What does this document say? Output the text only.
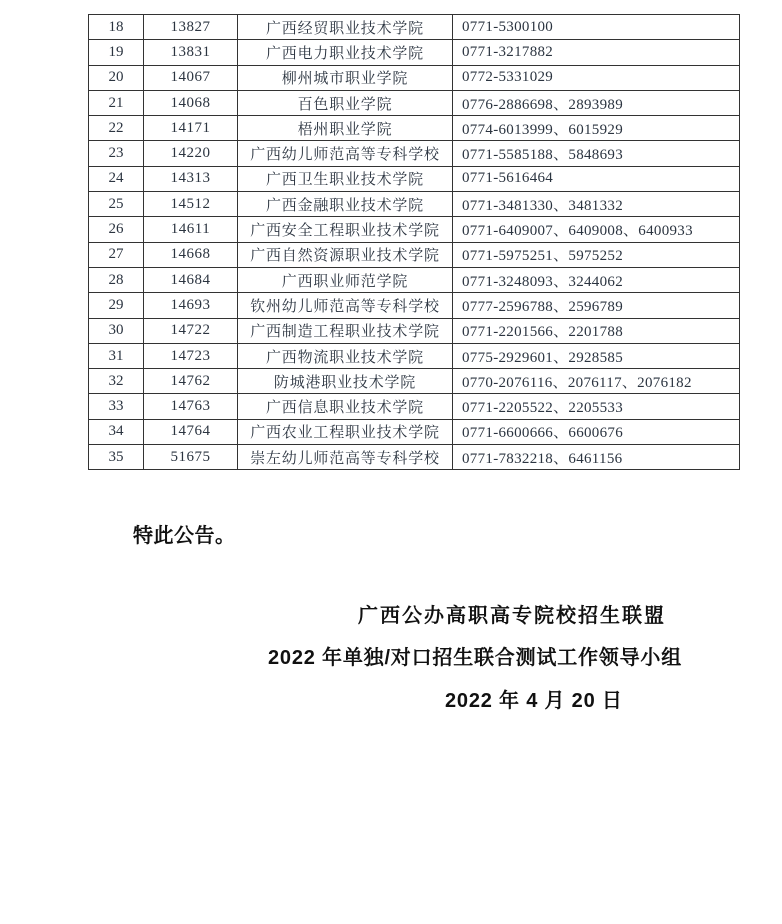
18	13827	广西经贸职业技术学院	0771-5300100
19	13831	广西电力职业技术学院	0771-3217882
20	14067	柳州城市职业学院	0772-5331029
21	14068	百色职业学院	0776-2886698、2893989
22	14171	梧州职业学院	0774-6013999、6015929
23	14220	广西幼儿师范高等专科学校	0771-5585188、5848693
24	14313	广西卫生职业技术学院	0771-5616464
25	14512	广西金融职业技术学院	0771-3481330、3481332
26	14611	广西安全工程职业技术学院	0771-6409007、6409008、6400933
27	14668	广西自然资源职业技术学院	0771-5975251、5975252
28	14684	广西职业师范学院	0771-3248093、3244062
29	14693	钦州幼儿师范高等专科学校	0777-2596788、2596789
30	14722	广西制造工程职业技术学院	0771-2201566、2201788
31	14723	广西物流职业技术学院	0775-2929601、2928585
32	14762	防城港职业技术学院	0770-2076116、2076117、2076182
33	14763	广西信息职业技术学院	0771-2205522、2205533
34	14764	广西农业工程职业技术学院	0771-6600666、6600676
35	51675	崇左幼儿师范高等专科学校	0771-7832218、6461156
特此公告。
广西公办高职高专院校招生联盟
2022 年单独/对口招生联合测试工作领导小组
2022 年 4 月 20 日
